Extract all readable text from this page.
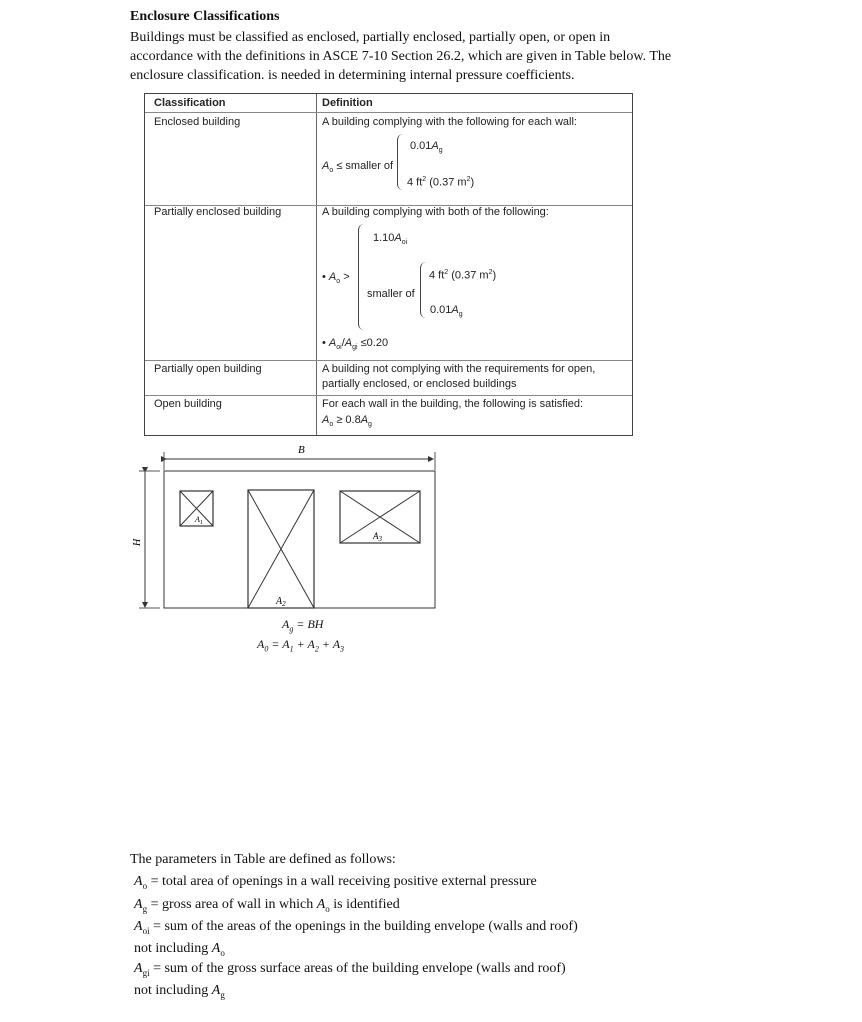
Enclosure Classifications

Buildings must be classified as enclosed, partially enclosed, partially open, or open in

accordance with the definitions in ASCE 7-10 Section 26.2, which are given in Table below. The

enclosure classification. is needed in determining internal pressure coefficients.

Classification	Definition
Enclosed building	A building complying with the following for each wall:
$A_o$ ≤ smaller of
$0.01A_g$
4 $ft^2$ (0.37 $m^2$)
Partially enclosed building	A building complying with both of the following:
$1.10A_{oi}$
• $A_o$ >
smaller of
4 $ft^2$ (0.37 $m^2$)
$0.01A_g$
• $A_{oi}/A_{gi} \le 0.20$
Partially open building	A building not complying with the requirements for open,
partially enclosed, or enclosed buildings
Open building	For each wall in the building, the following is satisfied:
$A_o \ge 0.8A_g$
B
H
$A_1$
$A_3$
$A_2$
$A_g$ = BH
$A_0 = A_1 + A_2 + A_3$
The parameters in Table are defined as follows:
$A_o$ = total area of openings in a wall receiving positive external pressure
$A_g$ = gross area of wall in which $A_o$ is identified
$A_{oi}$ = sum of the areas of the openings in the building envelope (walls and roof)
not including $A_o$
$A_{gi}$ = sum of the gross surface areas of the building envelope (walls and roof)
not including $A_g$
